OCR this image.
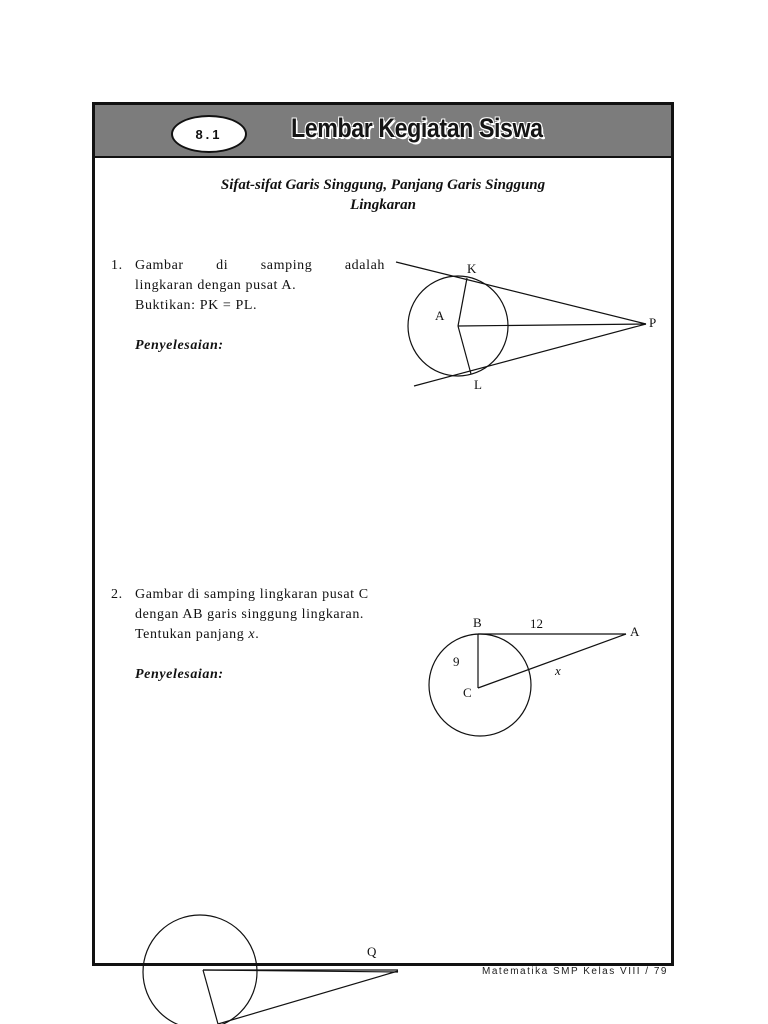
8.1	Lembar Kegiatan Siswa
Sifat-sifat Garis Singgung, Panjang Garis Singgung
Lingkaran
1. Gambar di samping adalah
lingkaran dengan pusat A.
Buktikan: PK = PL.
Penyelesaian:
2. Gambar di samping lingkaran pusat C
dengan AB garis singgung lingkaran.
Tentukan panjang x.
Penyelesaian:
K
A	P
L
B	12
A
9
x
C
Q
Matematika SMP Kelas VIII / 79
